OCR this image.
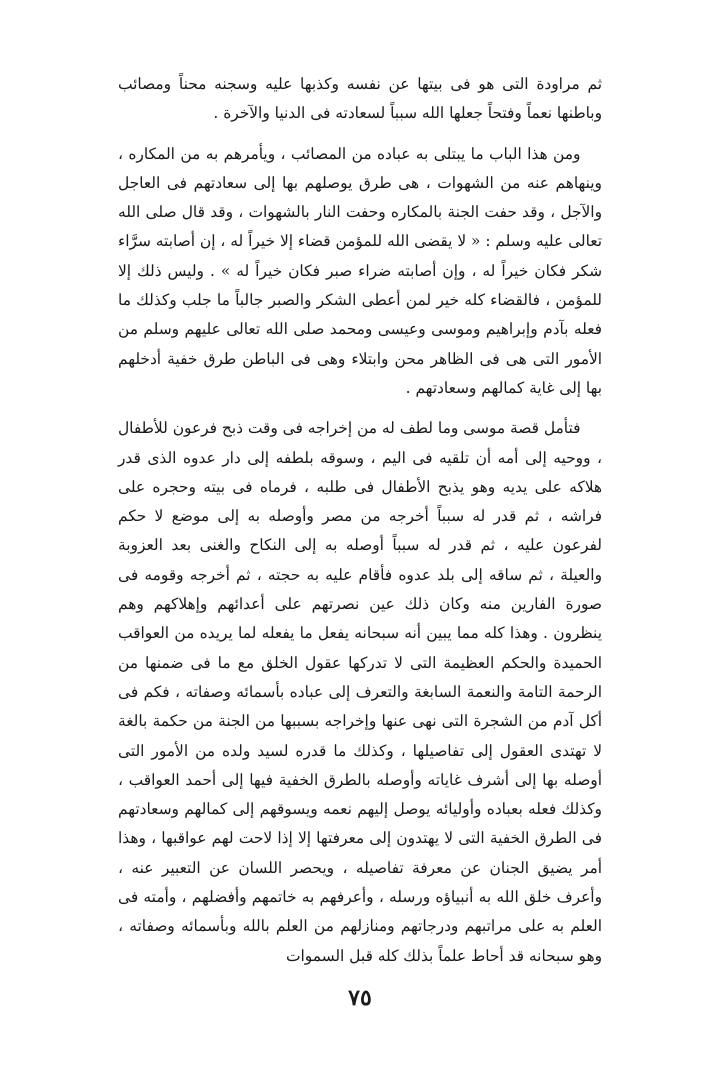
ثم مراودة التى هو فى بيتها عن نفسه وكذبها عليه وسجنه محناً ومصائب وباطنها نعماً وفتحاً جعلها الله سبباً لسعادته فى الدنيا والآخرة .

ومن هذا الباب ما يبتلى به عباده من المصائب ، ويأمرهم به من المكاره ، وينهاهم عنه من الشهوات ، هى طرق يوصلهم بها إلى سعادتهم فى العاجل والآجل ، وقد حفت الجنة بالمكاره وحفت النار بالشهوات ، وقد قال صلى الله تعالى عليه وسلم : « لا يقضى الله للمؤمن قضاء إلا خيراً له ، إن أصابته سرَّاء شكر فكان خيراً له ، وإن أصابته ضراء صبر فكان خيراً له » . وليس ذلك إلا للمؤمن ، فالقضاء كله خير لمن أعطى الشكر والصبر جالباً ما جلب وكذلك ما فعله بآدم وإبراهيم وموسى وعيسى ومحمد صلى الله تعالى عليهم وسلم من الأمور التى هى فى الظاهر محن وابتلاء وهى فى الباطن طرق خفية أدخلهم بها إلى غاية كمالهم وسعادتهم .

فتأمل قصة موسى وما لطف له من إخراجه فى وقت ذبح فرعون للأطفال ، ووحيه إلى أمه أن تلقيه فى اليم ، وسوقه بلطفه إلى دار عدوه الذى قدر هلاكه على يديه وهو يذبح الأطفال فى طلبه ، فرماه فى بيته وحجره على فراشه ، ثم قدر له سبباً أخرجه من مصر وأوصله به إلى موضع لا حكم لفرعون عليه ، ثم قدر له سبباً أوصله به إلى النكاح والغنى بعد العزوبة والعيلة ، ثم ساقه إلى بلد عدوه فأقام عليه به حجته ، ثم أخرجه وقومه فى صورة الفارين منه وكان ذلك عين نصرتهم على أعدائهم وإهلاكهم وهم ينظرون . وهذا كله مما يبين أنه سبحانه يفعل ما يفعله لما يريده من العواقب الحميدة والحكم العظيمة التى لا تدركها عقول الخلق مع ما فى ضمنها من الرحمة التامة والنعمة السابغة والتعرف إلى عباده بأسمائه وصفاته ، فكم فى أكل آدم من الشجرة التى نهى عنها وإخراجه بسببها من الجنة من حكمة بالغة لا تهتدى العقول إلى تفاصيلها ، وكذلك ما قدره لسيد ولده من الأمور التى أوصله بها إلى أشرف غاياته وأوصله بالطرق الخفية فيها إلى أحمد العواقب ، وكذلك فعله بعباده وأوليائه يوصل إليهم نعمه ويسوقهم إلى كمالهم وسعادتهم فى الطرق الخفية التى لا يهتدون إلى معرفتها إلا إذا لاحت لهم عواقبها ، وهذا أمر يضيق الجنان عن معرفة تفاصيله ، ويحصر اللسان عن التعبير عنه ، وأعرف خلق الله به أنبياؤه ورسله ، وأعرفهم به خاتمهم وأفضلهم ، وأمته فى العلم به على مراتبهم ودرجاتهم ومنازلهم من العلم بالله وبأسمائه وصفاته ، وهو سبحانه قد أحاط علماً بذلك كله قبل السموات

٧٥
